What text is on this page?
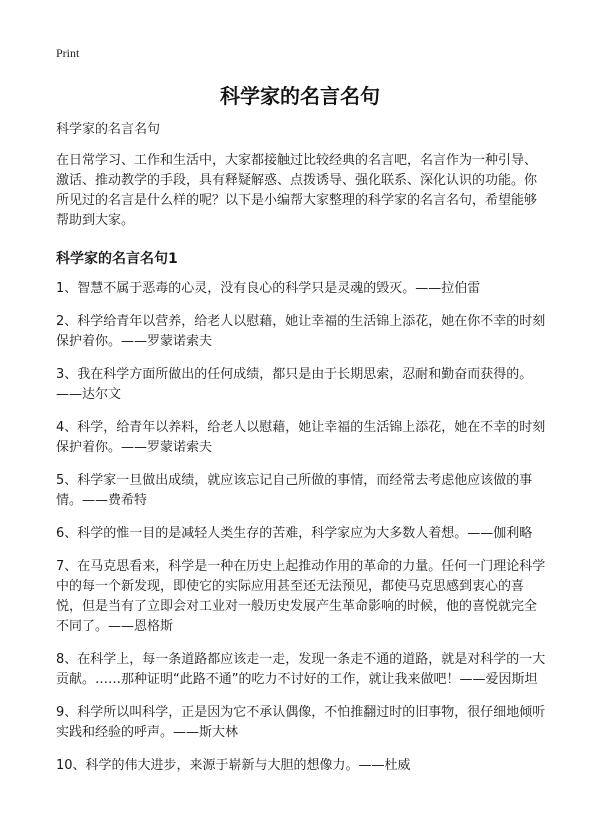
Print
科学家的名言名句

科学家的名言名句

在日常学习、工作和生活中，大家都接触过比较经典的名言吧，名言作为一种引导、激话、推动教学的手段，具有释疑解惑、点拨诱导、强化联系、深化认识的功能。你所见过的名言是什么样的呢？以下是小编帮大家整理的科学家的名言名句，希望能够帮助到大家。

科学家的名言名句1

1、智慧不属于恶毒的心灵，没有良心的科学只是灵魂的毁灭。——拉伯雷

2、科学给青年以营养，给老人以慰藉，她让幸福的生活锦上添花，她在你不幸的时刻保护着你。——罗蒙诺索夫

3、我在科学方面所做出的任何成绩，都只是由于长期思索，忍耐和勤奋而获得的。——达尔文

4、科学，给青年以养料，给老人以慰藉，她让幸福的生活锦上添花，她在不幸的时刻保护着你。——罗蒙诺索夫

5、科学家一旦做出成绩，就应该忘记自己所做的事情，而经常去考虑他应该做的事情。——费希特

6、科学的惟一目的是减轻人类生存的苦难，科学家应为大多数人着想。——伽利略

7、在马克思看来，科学是一种在历史上起推动作用的革命的力量。任何一门理论科学中的每一个新发现，即使它的实际应用甚至还无法预见，都使马克思感到衷心的喜悦，但是当有了立即会对工业对一般历史发展产生革命影响的时候，他的喜悦就完全不同了。——恩格斯

8、在科学上，每一条道路都应该走一走，发现一条走不通的道路，就是对科学的一大贡献。……那种证明“此路不通”的吃力不讨好的工作，就让我来做吧！——爱因斯坦

9、科学所以叫科学，正是因为它不承认偶像，不怕推翻过时的旧事物，很仔细地倾听实践和经验的呼声。——斯大林

10、科学的伟大进步，来源于崭新与大胆的想像力。——杜威
